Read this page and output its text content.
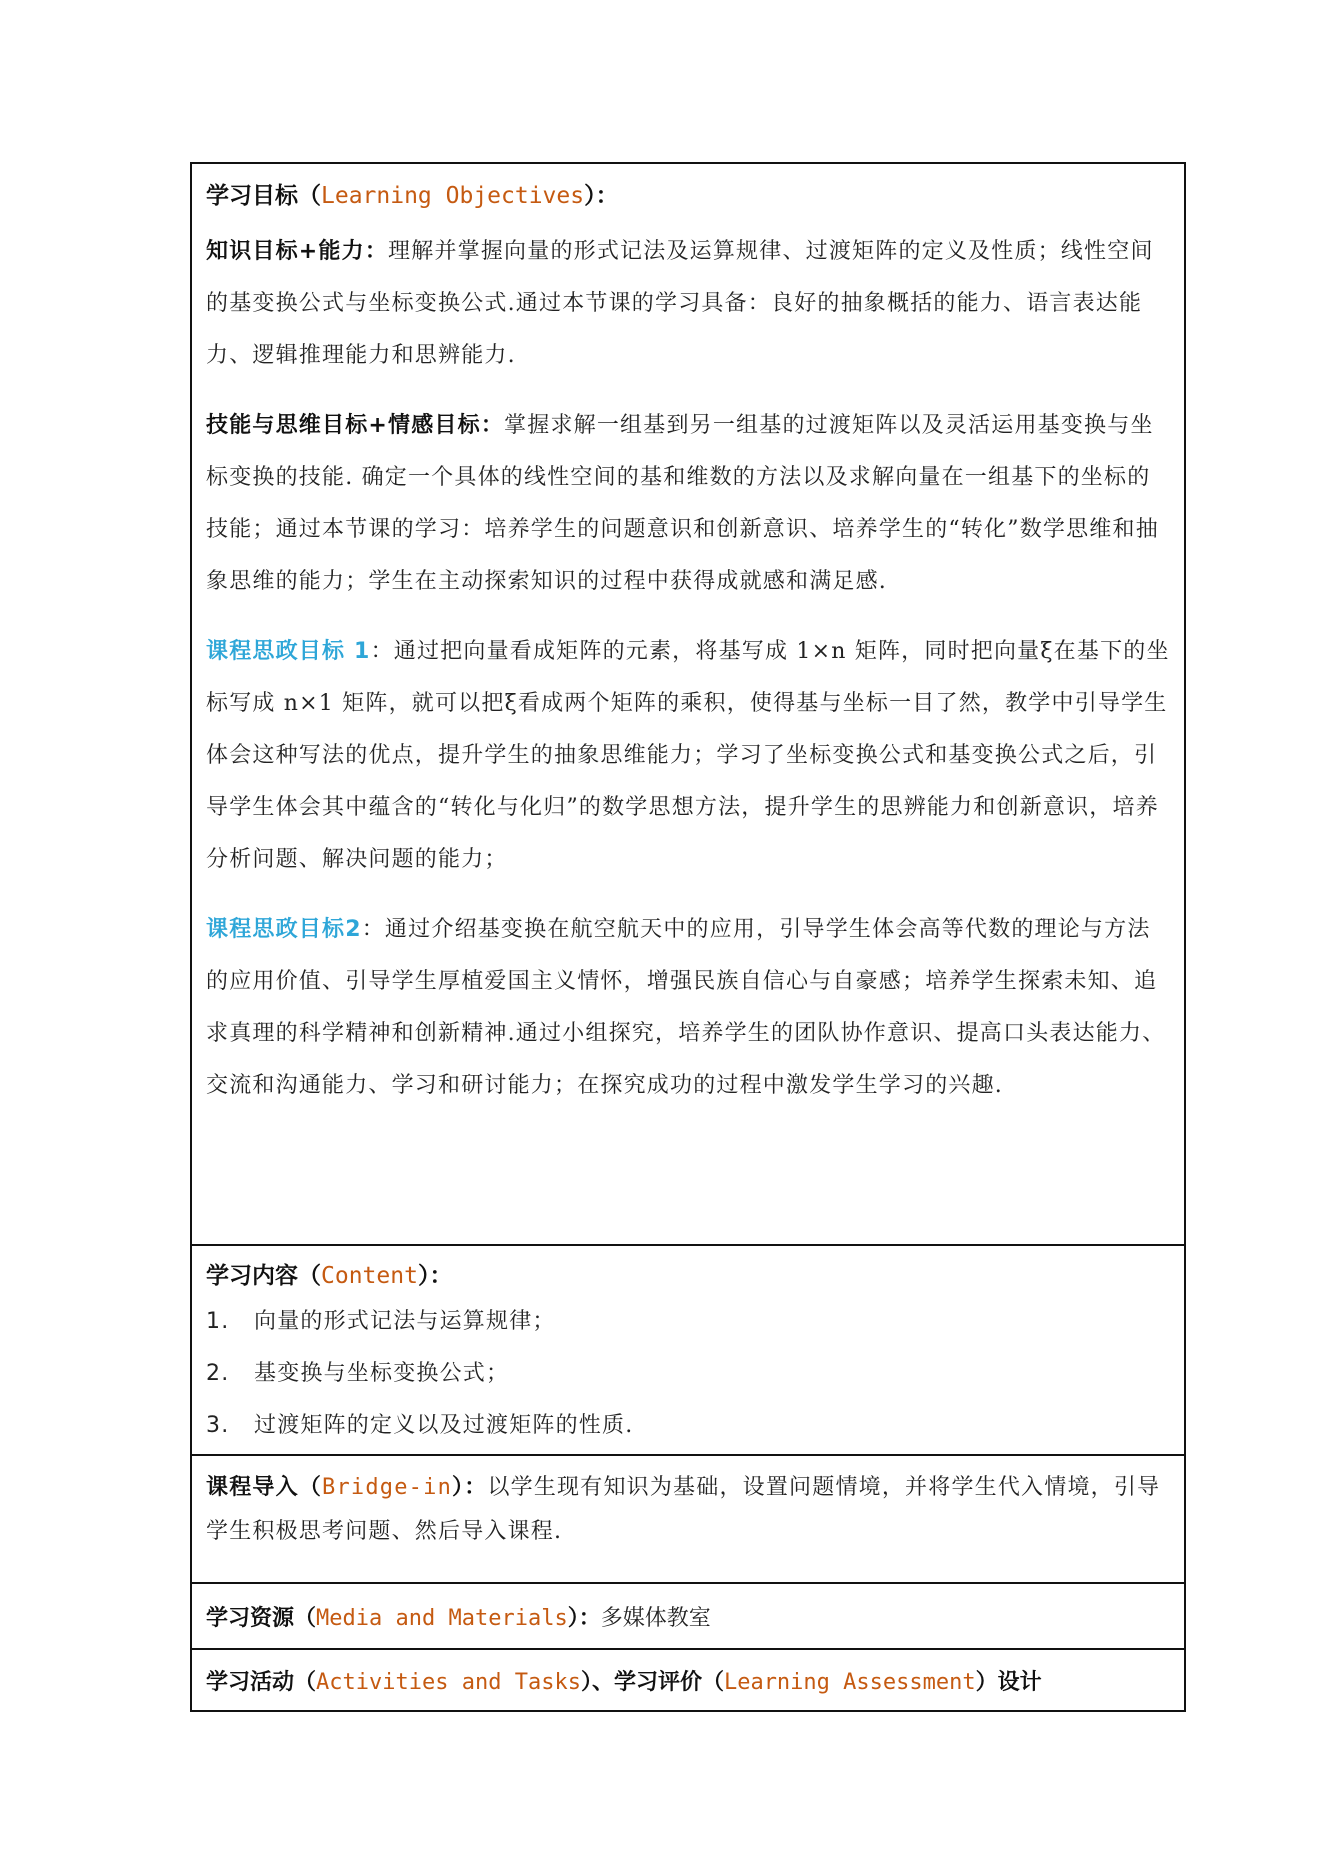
学习目标（Learning Objectives）：

知识目标+能力：理解并掌握向量的形式记法及运算规律、过渡矩阵的定义及性质；线性空间的基变换公式与坐标变换公式.通过本节课的学习具备：良好的抽象概括的能力、语言表达能力、逻辑推理能力和思辨能力.

技能与思维目标+情感目标：掌握求解一组基到另一组基的过渡矩阵以及灵活运用基变换与坐标变换的技能. 确定一个具体的线性空间的基和维数的方法以及求解向量在一组基下的坐标的技能；通过本节课的学习：培养学生的问题意识和创新意识、培养学生的“转化”数学思维和抽象思维的能力；学生在主动探索知识的过程中获得成就感和满足感.

课程思政目标 1：通过把向量看成矩阵的元素，将基写成 1×n 矩阵，同时把向量ξ在基下的坐标写成 n×1 矩阵，就可以把ξ看成两个矩阵的乘积，使得基与坐标一目了然，教学中引导学生体会这种写法的优点，提升学生的抽象思维能力；学习了坐标变换公式和基变换公式之后，引导学生体会其中蕴含的“转化与化归”的数学思想方法，提升学生的思辨能力和创新意识，培养分析问题、解决问题的能力；

课程思政目标2：通过介绍基变换在航空航天中的应用，引导学生体会高等代数的理论与方法的应用价值、引导学生厚植爱国主义情怀，增强民族自信心与自豪感；培养学生探索未知、追求真理的科学精神和创新精神.通过小组探究，培养学生的团队协作意识、提高口头表达能力、交流和沟通能力、学习和研讨能力；在探究成功的过程中激发学生学习的兴趣.

学习内容（Content）：
1.	向量的形式记法与运算规律；
2.	基变换与坐标变换公式；
3.	过渡矩阵的定义以及过渡矩阵的性质.

课程导入（Bridge-in）：以学生现有知识为基础，设置问题情境，并将学生代入情境，引导学生积极思考问题、然后导入课程.

学习资源（Media and Materials）：多媒体教室
学习活动（Activities and Tasks）、学习评价（Learning Assessment）设计
